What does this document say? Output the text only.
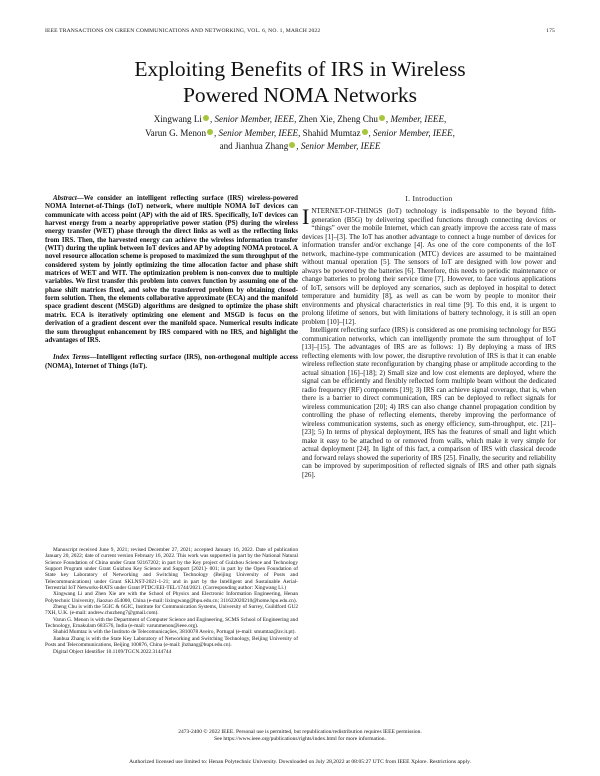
IEEE TRANSACTIONS ON GREEN COMMUNICATIONS AND NETWORKING, VOL. 6, NO. 1, MARCH 2022	175
Exploiting Benefits of IRS in Wireless
Powered NOMA Networks
Xingwang Li , Senior Member, IEEE, Zhen Xie, Zheng Chu , Member, IEEE,
Varun G. Menon , Senior Member, IEEE, Shahid Mumtaz , Senior Member, IEEE,
and Jianhua Zhang , Senior Member, IEEE

Abstract—We consider an intelligent reflecting surface (IRS) wireless-powered NOMA Internet-of-Things (IoT) network, where multiple NOMA IoT devices can communicate with access point (AP) with the aid of IRS. Specifically, IoT devices can harvest energy from a nearby appropriative power station (PS) during the wireless energy transfer (WET) phase through the direct links as well as the reflecting links from IRS. Then, the harvested energy can achieve the wireless information transfer (WIT) during the uplink between IoT devices and AP by adopting NOMA protocol. A novel resource allocation scheme is proposed to maximized the sum throughput of the considered system by jointly optimizing the time allocation factor and phase shift matrices of WET and WIT. The optimization problem is non-convex due to multiple variables. We first transfer this problem into convex function by assuming one of the phase shift matrices fixed, and solve the transferred problem by obtaining closed-form solution. Then, the elements collaborative approximate (ECA) and the manifold space gradient descent (MSGD) algorithms are designed to optimize the phase shift matrix. ECA is iteratively optimizing one element and MSGD is focus on the derivation of a gradient descent over the manifold space. Numerical results indicate the sum throughput enhancement by IRS compared with no IRS, and highlight the advantages of IRS.

Index Terms—Intelligent reflecting surface (IRS), non-orthogonal multiple access (NOMA), Internet of Things (IoT).

Manuscript received June 9, 2021; revised December 27, 2021; accepted January 16, 2022. Date of publication January 20, 2022; date of current version February 16, 2022. This work was supported in part by the National Natural Science Foundation of China under Grant 92167202; in part by the Key project of Guizhou Science and Technology Support Program under Grant Guizhou Key Science and Support [2021]- 001; in part by the Open Foundation of State key Laboratory of Networking and Switching Technology (Beijing University of Posts and Telecommunications) under Grant SKLNST-2021-1-21; and in part by the Intelligent and Sustainable Aerial-Terrestrial IoT Networks-BATS under Grant PTDC/EEI-TEL/1744/2021. (Corresponding author: Xingwang Li.)

Xingwang Li and Zhen Xie are with the School of Physics and Electronic Information Engineering, Henan Polytechnic University, Jiaozuo 454000, China (e-mail: lixingwang@hpu.edu.cn; 311622020210@home.hpu.edu.cn).

Zheng Chu is with the 5GIC & 6GIC, Institute for Communication Systems, University of Surrey, Guildford GU2 7XH, U.K. (e-mail: andrew.chuzheng7@gmail.com).

Varun G. Menon is with the Department of Computer Science and Engineering, SCMS School of Engineering and Technology, Ernakulam 683576, India (e-mail: varunmenon@ieee.org).

Shahid Mumtaz is with the Instituto de Telecomunicações, 3810078 Aveiro, Portugal (e-mail: smumtaz@av.it.pt).

Jianhua Zhang is with the State Key Laboratory of Networking and Switching Technology, Beijing University of Posts and Telecommunications, Beijing 100876, China (e-mail: jhzhang@bupt.edu.cn).

Digital Object Identifier 10.1109/TGCN.2022.3144744

I. Introduction

INTERNET-OF-THINGS (IoT) technology is indispensable to the beyond fifth-generation (B5G) by delivering specified functions through connecting devices or “things” over the mobile Internet, which can greatly improve the access rate of mass devices [1]–[3]. The IoT has another advantage to connect a huge number of devices for information transfer and/or exchange [4]. As one of the core components of the IoT network, machine-type communication (MTC) devices are assumed to be maintained without manual operation [5]. The sensors of IoT are designed with low power and always be powered by the batteries [6]. Therefore, this needs to periodic maintenance or change batteries to prolong their service time [7]. However, to face various applications of IoT, sensors will be deployed any scenarios, such as deployed in hospital to detect temperature and humidity [8], as well as can be worn by people to monitor their environments and physical characteristics in real time [9]. To this end, it is urgent to prolong lifetime of senors, but with limitations of battery technology, it is still an open problem [10]–[12].

Intelligent reflecting surface (IRS) is considered as one promising technology for B5G communication networks, which can intelligently promote the sum throughput of IoT [13]–[15]. The advantages of IRS are as follows: 1) By deploying a mass of IRS reflecting elements with low power, the disruptive revolution of IRS is that it can enable wireless reflection state reconfiguration by changing phase or amplitude according to the actual situation [16]–[18]; 2) Small size and low cost elements are deployed, where the signal can be efficiently and flexibly reflected form multiple beam without the dedicated radio frequency (RF) components [19]; 3) IRS can achieve signal coverage, that is, when there is a barrier to direct communication, IRS can be deployed to reflect signals for wireless communication [20]; 4) IRS can also change channel propagation condition by controlling the phase of reflecting elements, thereby improving the performance of wireless communication systems, such as energy efficiency, sum-throughput, etc. [21]–[23]; 5) In terms of physical deployment, IRS has the features of small and light which make it easy to be attached to or removed from walls, which make it very simple for actual deployment [24]. In light of this fact, a comparison of IRS with classical decode and forward relays showed the superiority of IRS [25]. Finally, the security and reliability can be improved by superimposition of reflected signals of IRS and other path signals [26].

2473-2400 © 2022 IEEE. Personal use is permitted, but republication/redistribution requires IEEE permission.
See https://www.ieee.org/publications/rights/index.html for more information.
Authorized licensed use limited to: Henan Polytechnic University. Downloaded on July 28,2022 at 08:05:27 UTC from IEEE Xplore. Restrictions apply.
